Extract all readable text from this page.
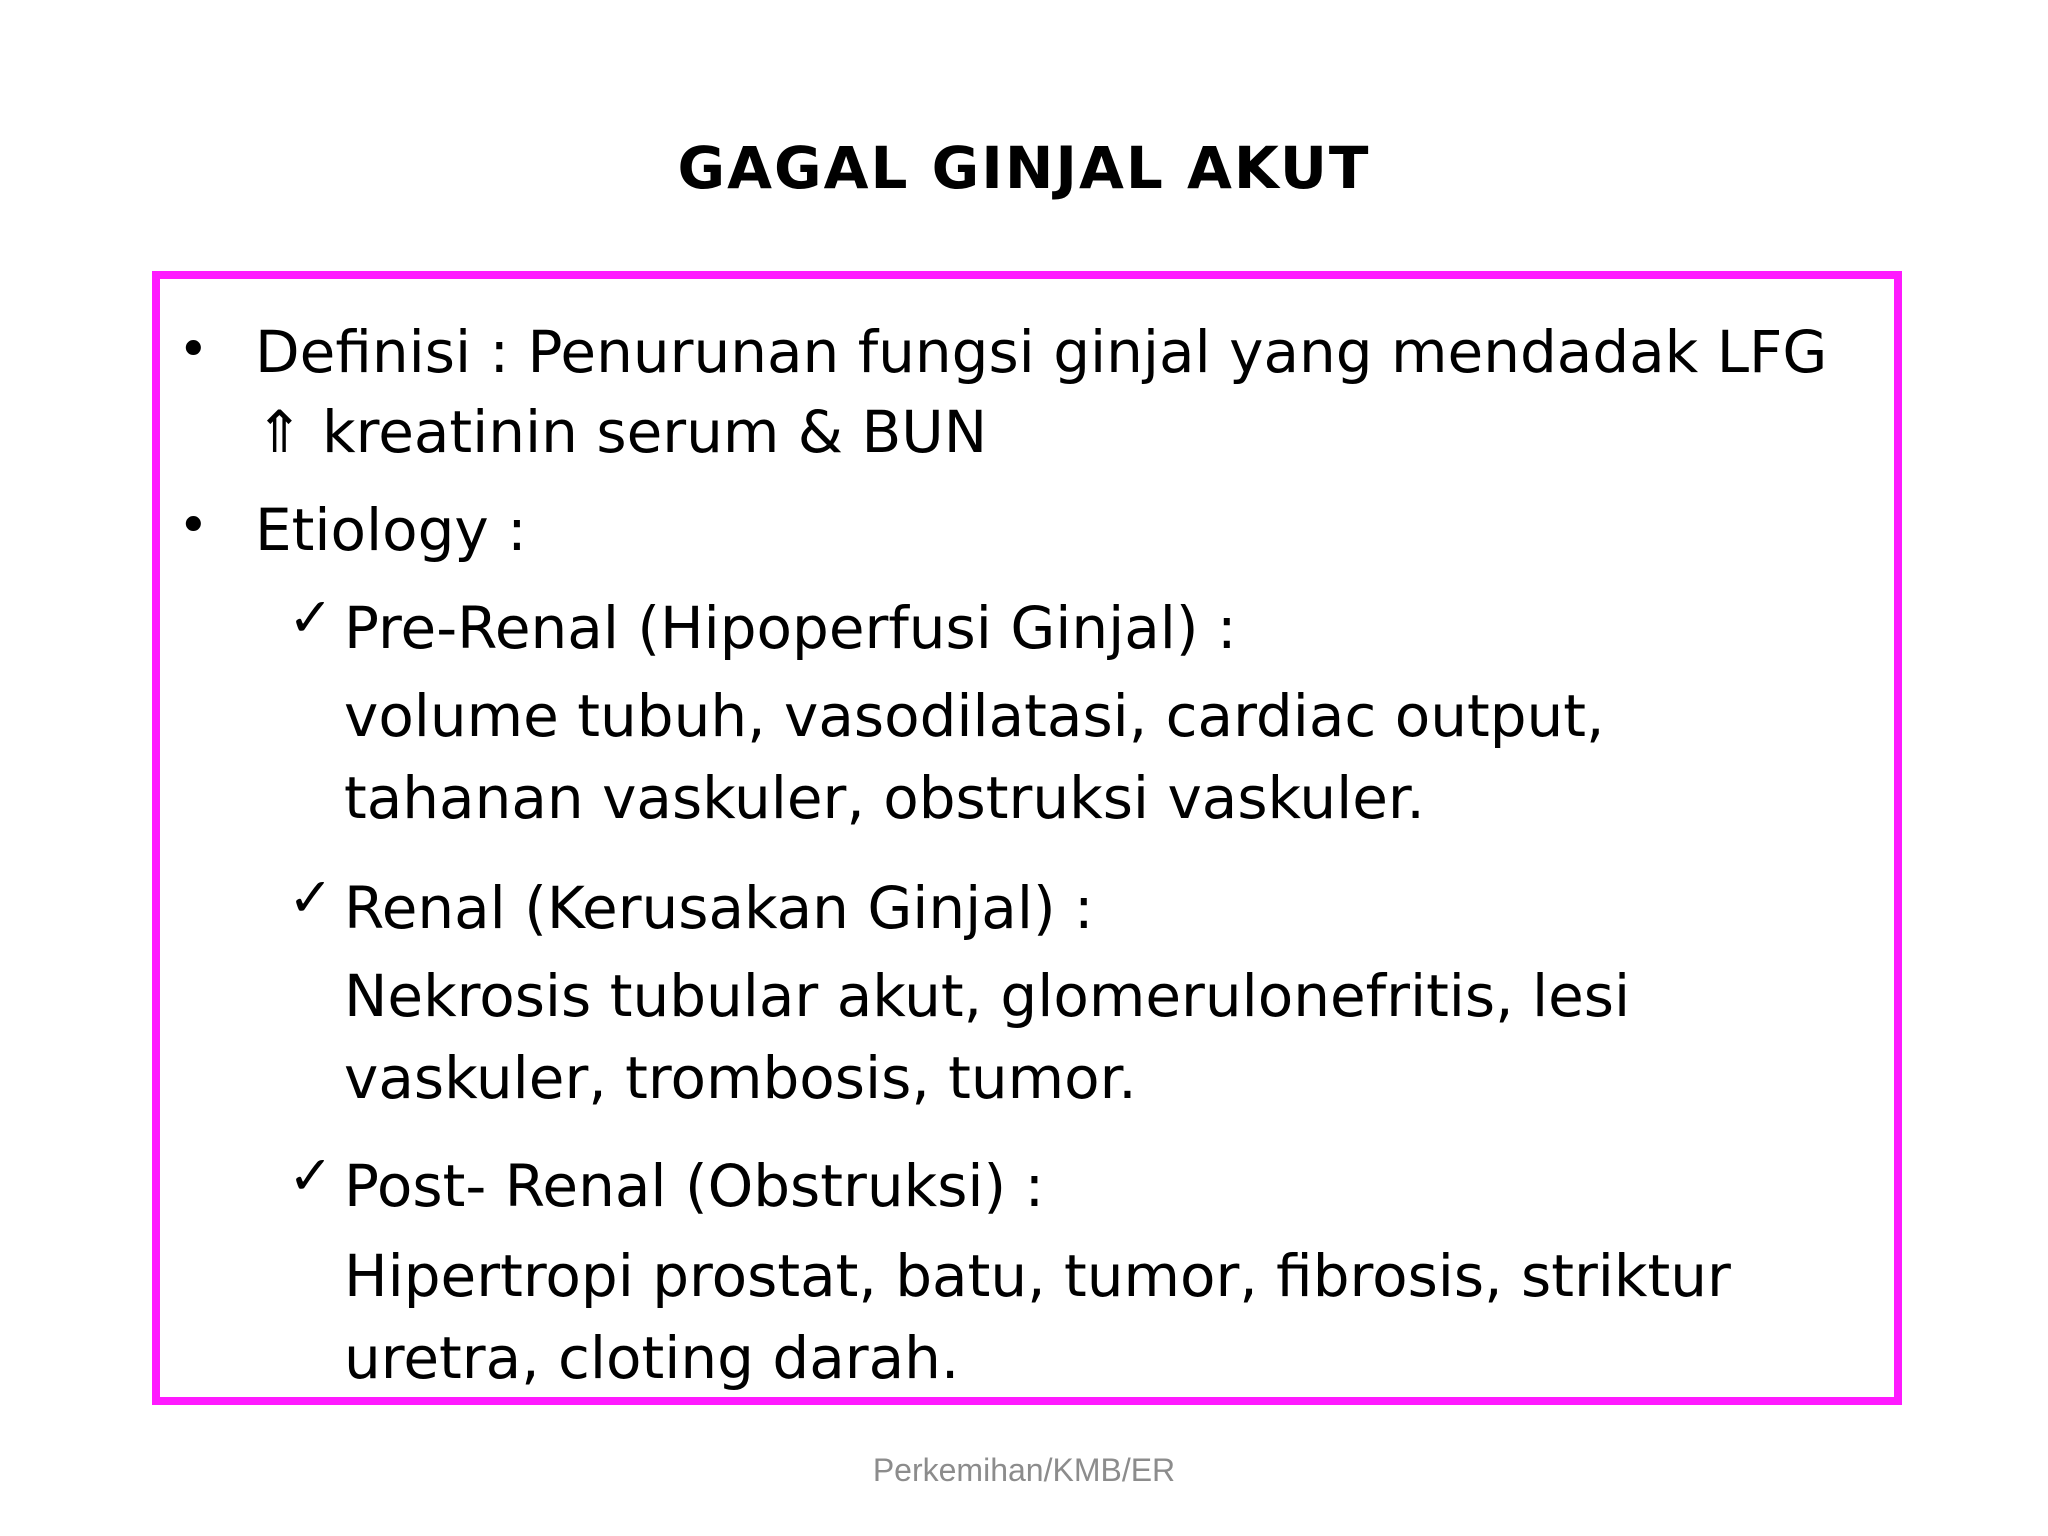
GAGAL GINJAL AKUT
• Definisi : Penurunan fungsi ginjal yang mendadak LFG
⇑ kreatinin serum & BUN
• Etiology :
✓ Pre-Renal (Hipoperfusi Ginjal) :
volume tubuh, vasodilatasi, cardiac output,
tahanan vaskuler, obstruksi vaskuler.
✓ Renal (Kerusakan Ginjal) :
Nekrosis tubular akut, glomerulonefritis, lesi
vaskuler, trombosis, tumor.
✓ Post- Renal (Obstruksi) :
Hipertropi prostat, batu, tumor, fibrosis, striktur
uretra, cloting darah.
Perkemihan/KMB/ER
